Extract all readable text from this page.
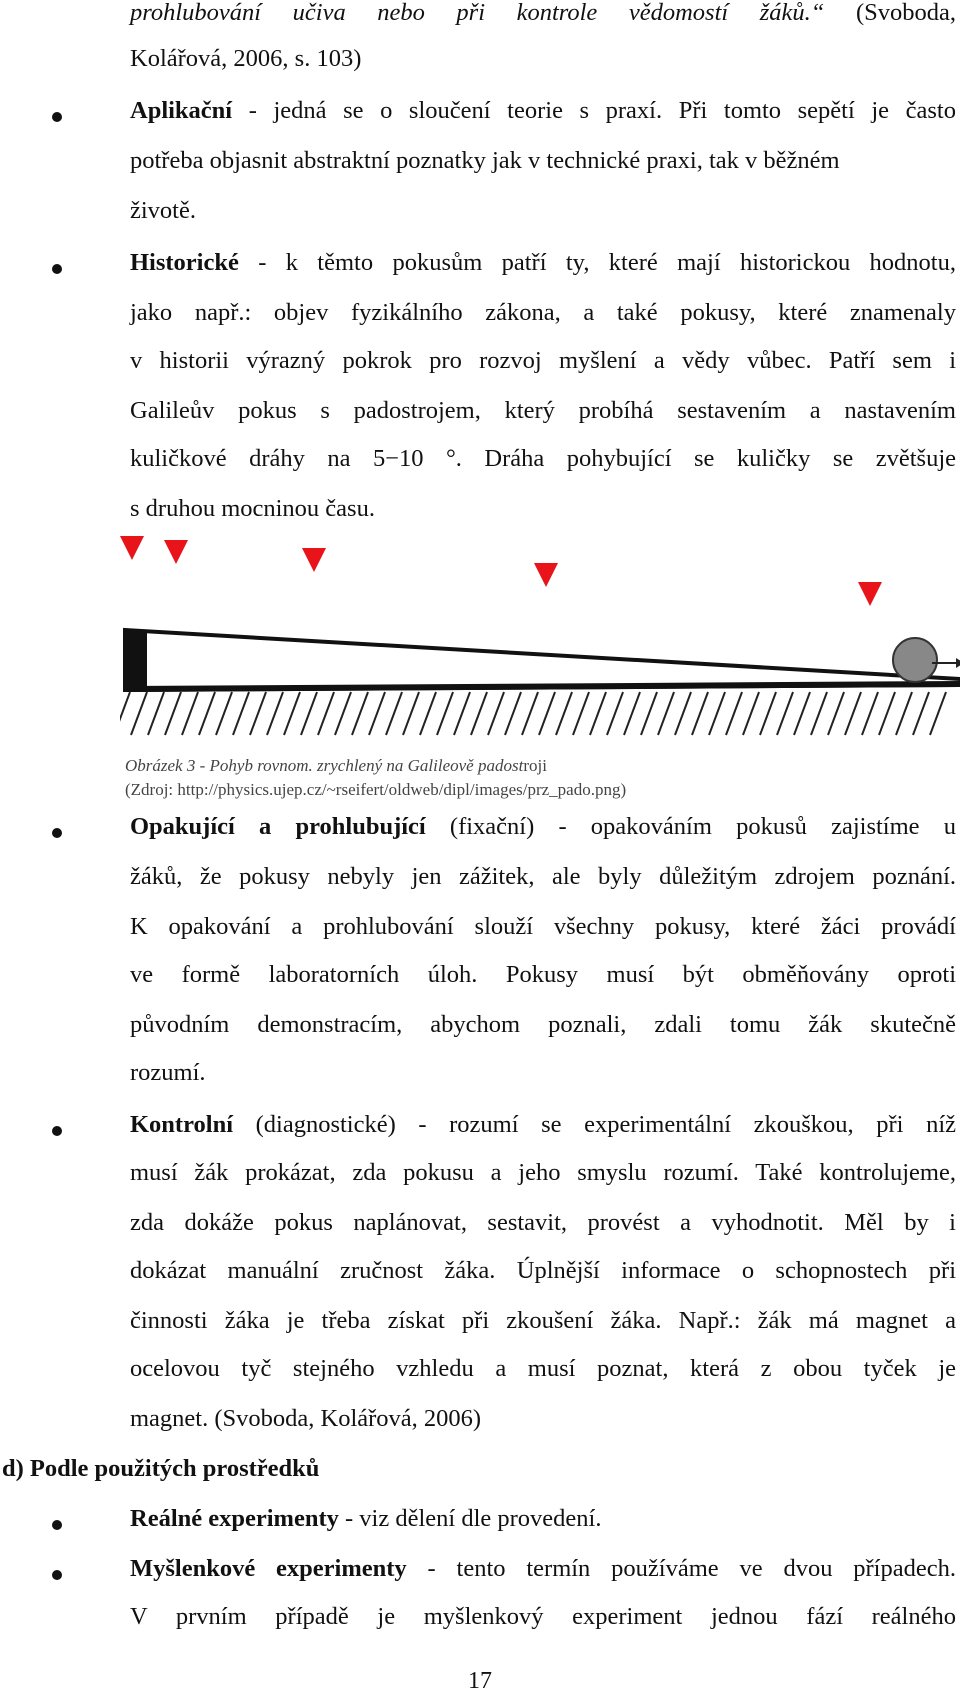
prohlubování učiva nebo při kontrole vědomostí žáků.“ (Svoboda,
Kolářová, 2006, s. 103)
Aplikační - jedná se o sloučení teorie s praxí. Při tomto sepětí je často
potřeba objasnit abstraktní poznatky jak v technické praxi, tak v běžném
životě.
Historické - k těmto pokusům patří ty, které mají historickou hodnotu,
jako např.: objev fyzikálního zákona, a také pokusy, které znamenaly
v historii výrazný pokrok pro rozvoj myšlení a vědy vůbec. Patří sem i
Galileův pokus s padostrojem, který probíhá sestavením a nastavením
kuličkové dráhy na 5−10 °. Dráha pohybující se kuličky se zvětšuje
s druhou mocninou času.
Opakující a prohlubující (fixační) - opakováním pokusů zajistíme u
žáků, že pokusy nebyly jen zážitek, ale byly důležitým zdrojem poznání.
K opakování a prohlubování slouží všechny pokusy, které žáci provádí
ve formě laboratorních úloh. Pokusy musí být obměňovány oproti
původním demonstracím, abychom poznali, zdali tomu žák skutečně
rozumí.
Kontrolní (diagnostické) - rozumí se experimentální zkouškou, při níž
musí žák prokázat, zda pokusu a jeho smyslu rozumí. Také kontrolujeme,
zda dokáže pokus naplánovat, sestavit, provést a vyhodnotit. Měl by i
dokázat manuální zručnost žáka. Úplnější informace o schopnostech při
činnosti žáka je třeba získat při zkoušení žáka. Např.: žák má magnet a
ocelovou tyč stejného vzhledu a musí poznat, která z obou tyček je
magnet. (Svoboda, Kolářová, 2006)
d) Podle použitých prostředků
Reálné experimenty - viz dělení dle provedení.
Myšlenkové experimenty - tento termín používáme ve dvou případech.
V prvním případě je myšlenkový experiment jednou fází reálného
Obrázek 3 - Pohyb rovnom. zrychlený na Galileově padostroji
(Zdroj: http://physics.ujep.cz/~rseifert/oldweb/dipl/images/prz_pado.png)
17
